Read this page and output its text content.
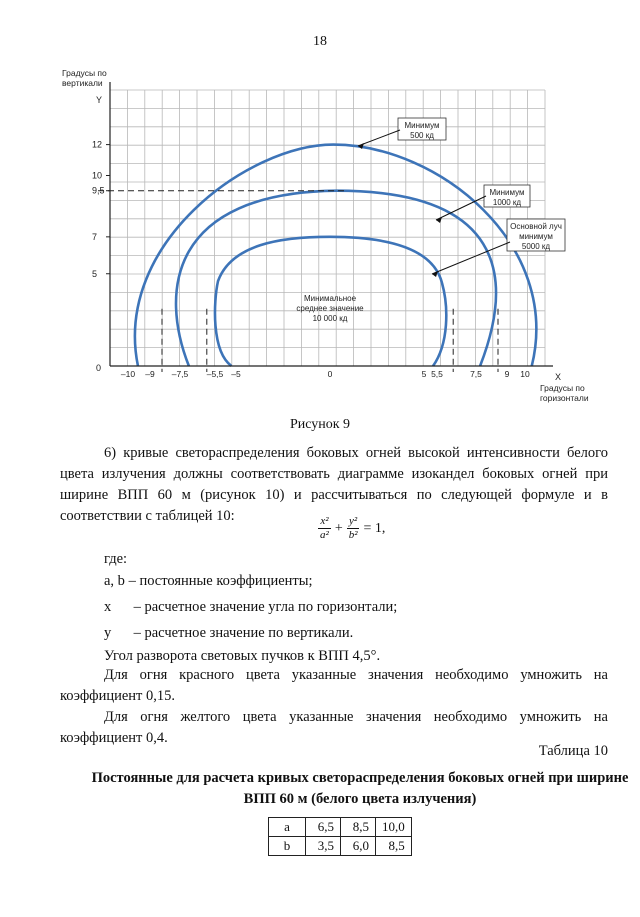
18
Градусы по
вертикали
Y
X
Градусы по
горизонтали
0
5
7
9,5
10
12
–10 –9 –7,5 –5,5 –5	0	5 5,5	7,5	9 10
Минимум
500 кд
Минимум
1000 кд
Основной луч
минимум
5000 кд
Минимальное
среднее значение
10 000 кд
Рисунок 9
6) кривые светораспределения боковых огней высокой интенсивности белого цвета излучения должны соответствовать диаграмме изокандел боковых огней при ширине ВПП 60 м (рисунок 10) и рассчитываться по следующей формуле и в соответствии с таблицей 10:	$\frac{\text{x²}}{\text{a²}} + \frac{\text{y²}}{\text{b²}} = 1$,
где:
a, b – постоянные коэффициенты;
x – расчетное значение угла по горизонтали;
y – расчетное значение по вертикали.
Угол разворота световых пучков к ВПП 4,5°.
Для огня красного цвета указанные значения необходимо умножить на коэффициент 0,15.
Для огня желтого цвета указанные значения необходимо умножить на коэффициент 0,4.
Таблица 10
Постоянные для расчета кривых светораспределения боковых огней при ширине ВПП 60 м (белого цвета излучения)
a	6,5	8,5	10,0
b	3,5	6,0	8,5
